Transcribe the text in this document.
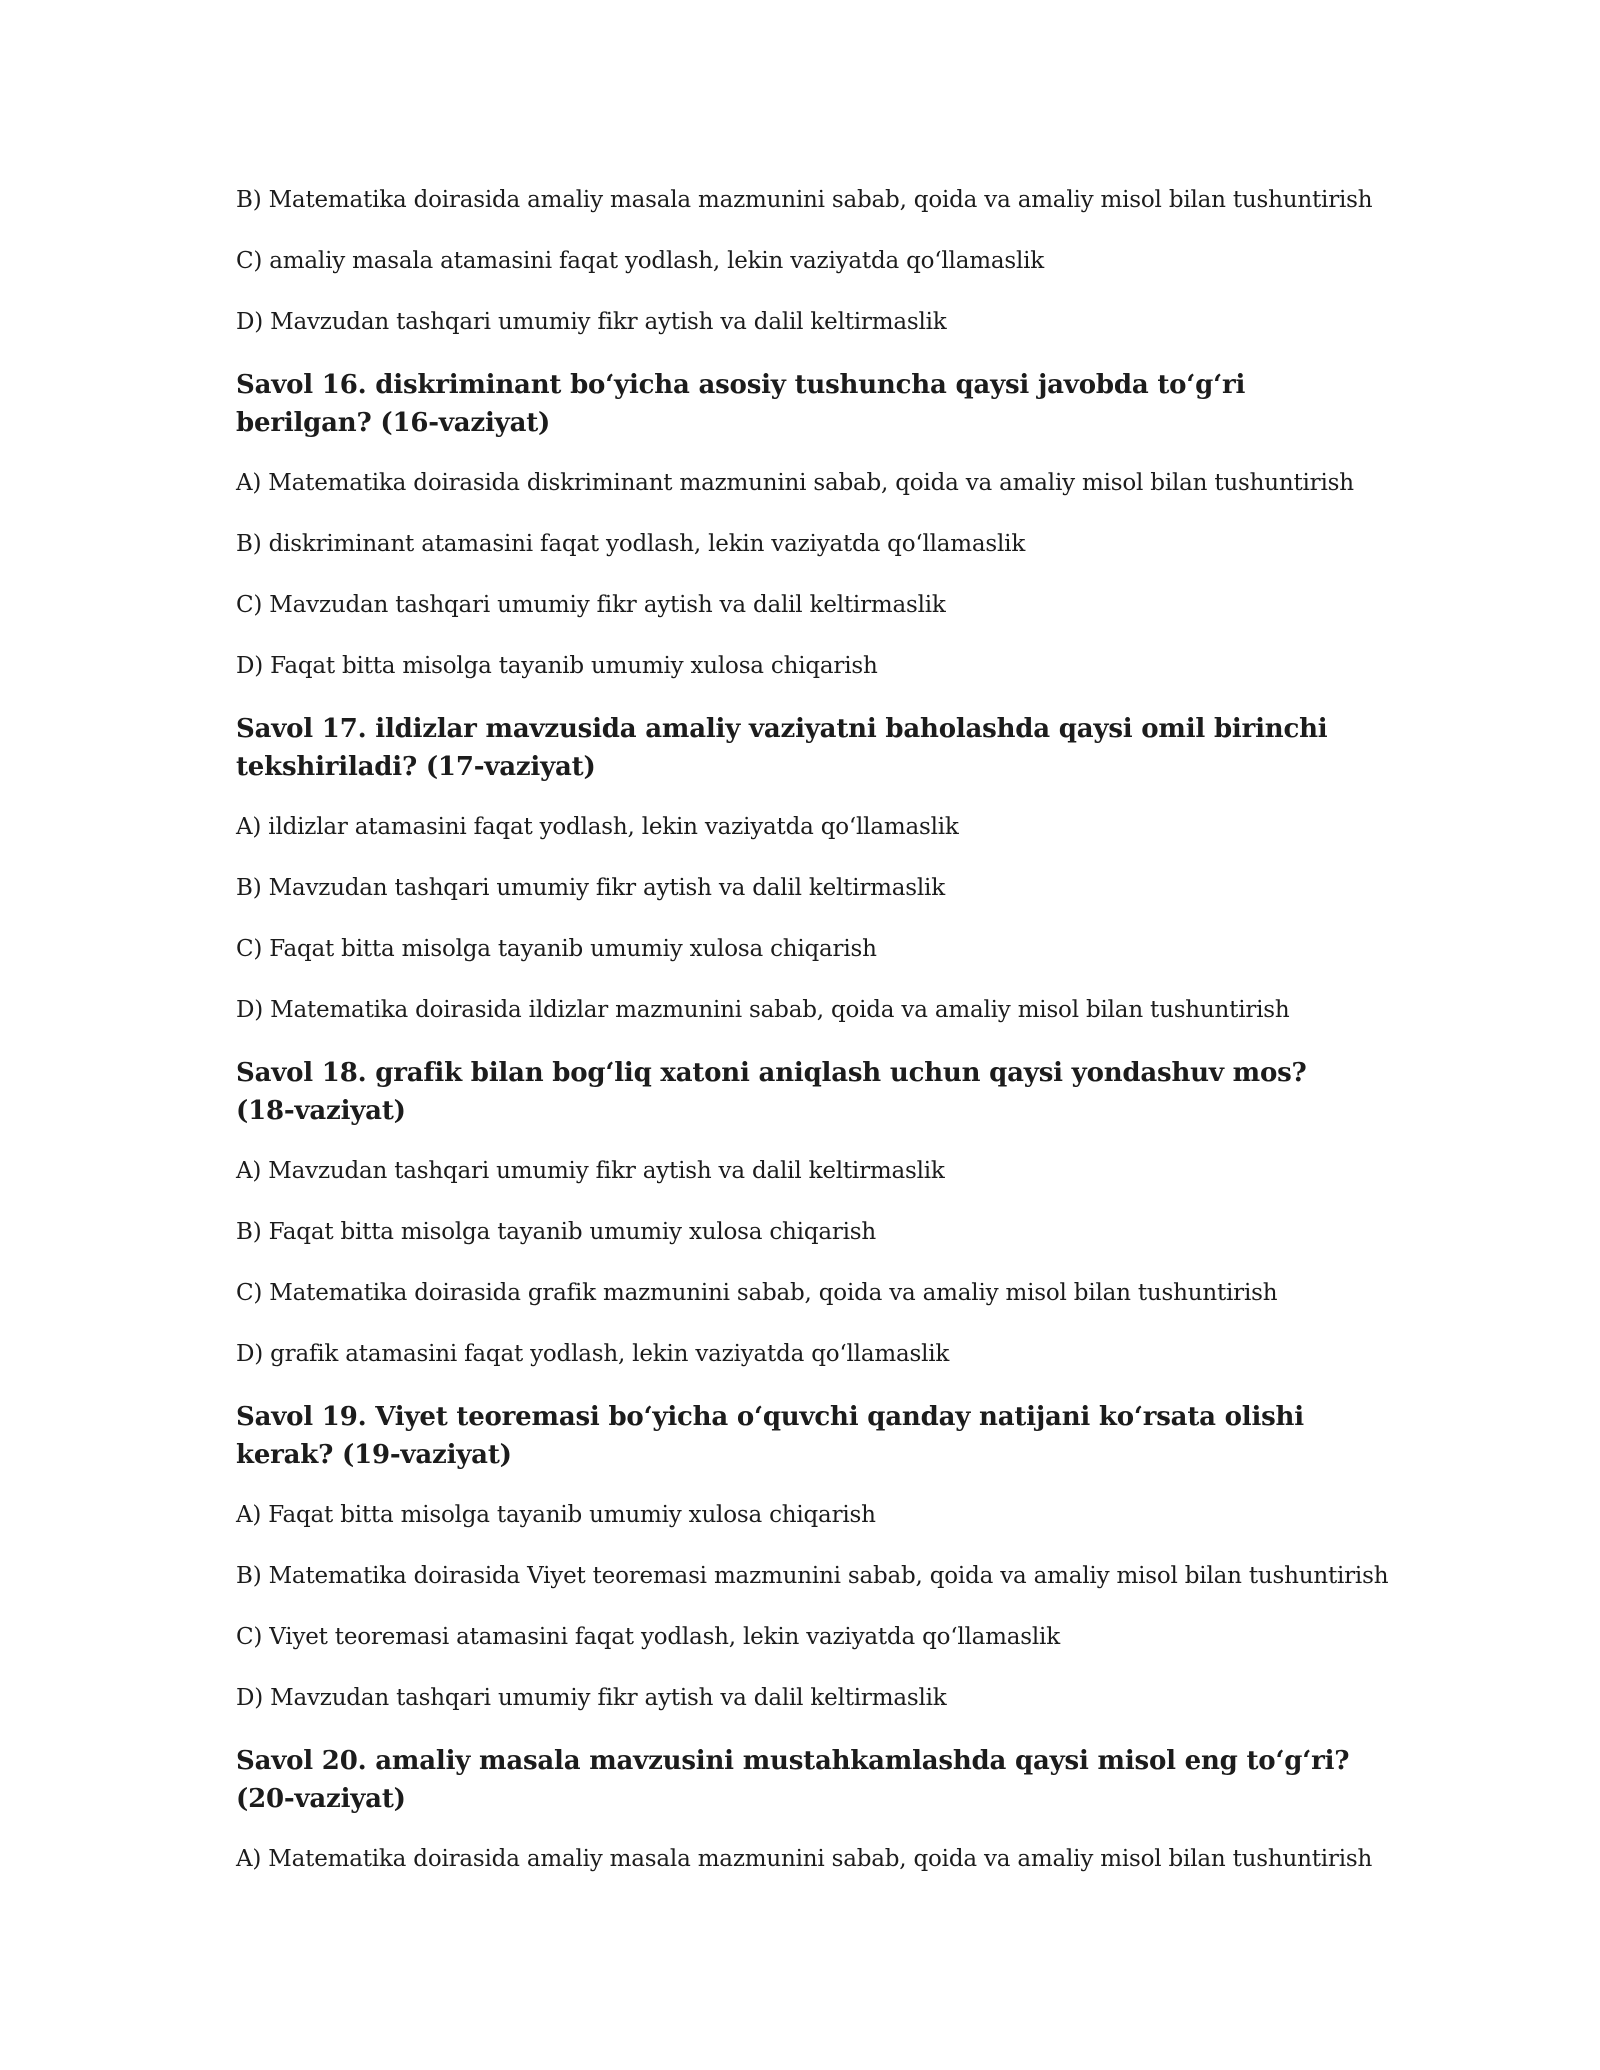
B) Matematika doirasida amaliy masala mazmunini sabab, qoida va amaliy misol bilan tushuntirish

C) amaliy masala atamasini faqat yodlash, lekin vaziyatda qo‘llamaslik

D) Mavzudan tashqari umumiy fikr aytish va dalil keltirmaslik

Savol 16. diskriminant bo‘yicha asosiy tushuncha qaysi javobda to‘g‘ri berilgan? (16-vaziyat)

A) Matematika doirasida diskriminant mazmunini sabab, qoida va amaliy misol bilan tushuntirish

B) diskriminant atamasini faqat yodlash, lekin vaziyatda qo‘llamaslik

C) Mavzudan tashqari umumiy fikr aytish va dalil keltirmaslik

D) Faqat bitta misolga tayanib umumiy xulosa chiqarish

Savol 17. ildizlar mavzusida amaliy vaziyatni baholashda qaysi omil birinchi tekshiriladi? (17-vaziyat)

A) ildizlar atamasini faqat yodlash, lekin vaziyatda qo‘llamaslik

B) Mavzudan tashqari umumiy fikr aytish va dalil keltirmaslik

C) Faqat bitta misolga tayanib umumiy xulosa chiqarish

D) Matematika doirasida ildizlar mazmunini sabab, qoida va amaliy misol bilan tushuntirish

Savol 18. grafik bilan bog‘liq xatoni aniqlash uchun qaysi yondashuv mos? (18-vaziyat)

A) Mavzudan tashqari umumiy fikr aytish va dalil keltirmaslik

B) Faqat bitta misolga tayanib umumiy xulosa chiqarish

C) Matematika doirasida grafik mazmunini sabab, qoida va amaliy misol bilan tushuntirish

D) grafik atamasini faqat yodlash, lekin vaziyatda qo‘llamaslik

Savol 19. Viyet teoremasi bo‘yicha o‘quvchi qanday natijani ko‘rsata olishi kerak? (19-vaziyat)

A) Faqat bitta misolga tayanib umumiy xulosa chiqarish

B) Matematika doirasida Viyet teoremasi mazmunini sabab, qoida va amaliy misol bilan tushuntirish

C) Viyet teoremasi atamasini faqat yodlash, lekin vaziyatda qo‘llamaslik

D) Mavzudan tashqari umumiy fikr aytish va dalil keltirmaslik

Savol 20. amaliy masala mavzusini mustahkamlashda qaysi misol eng to‘g‘ri? (20-vaziyat)

A) Matematika doirasida amaliy masala mazmunini sabab, qoida va amaliy misol bilan tushuntirish
